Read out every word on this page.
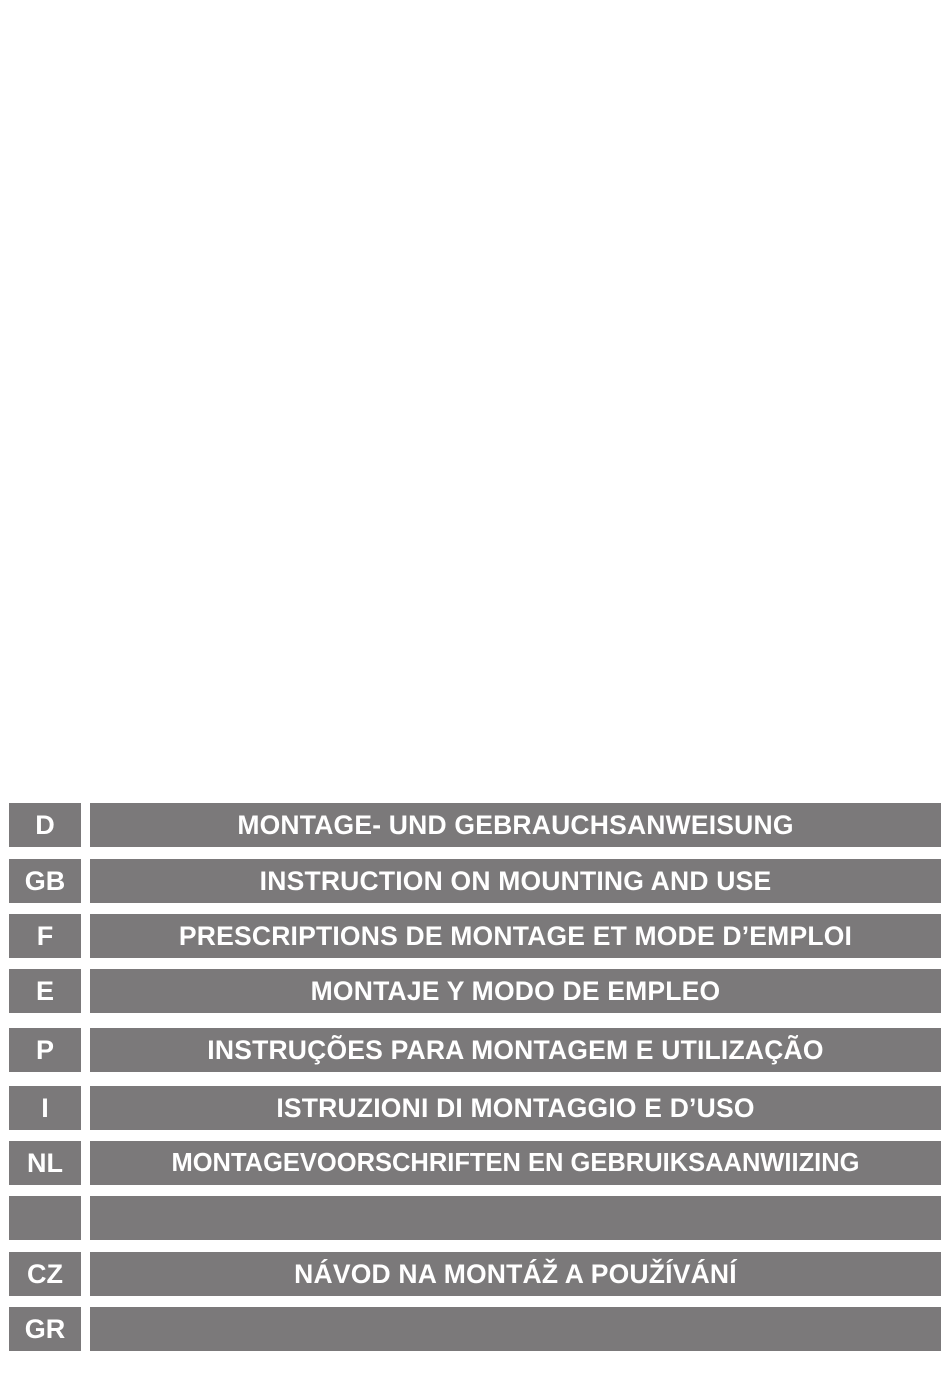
D	MONTAGE- UND GEBRAUCHSANWEISUNG
GB	INSTRUCTION ON MOUNTING AND USE
F	PRESCRIPTIONS DE MONTAGE ET MODE D’EMPLOI
E	MONTAJE Y MODO DE EMPLEO
P	INSTRUÇÕES PARA MONTAGEM E UTILIZAÇÃO
I	ISTRUZIONI DI MONTAGGIO E D’USO
NL	MONTAGEVOORSCHRIFTEN EN GEBRUIKSAANWIIZING
CZ	NÁVOD NA MONTÁŽ A POUŽÍVÁNÍ
GR
